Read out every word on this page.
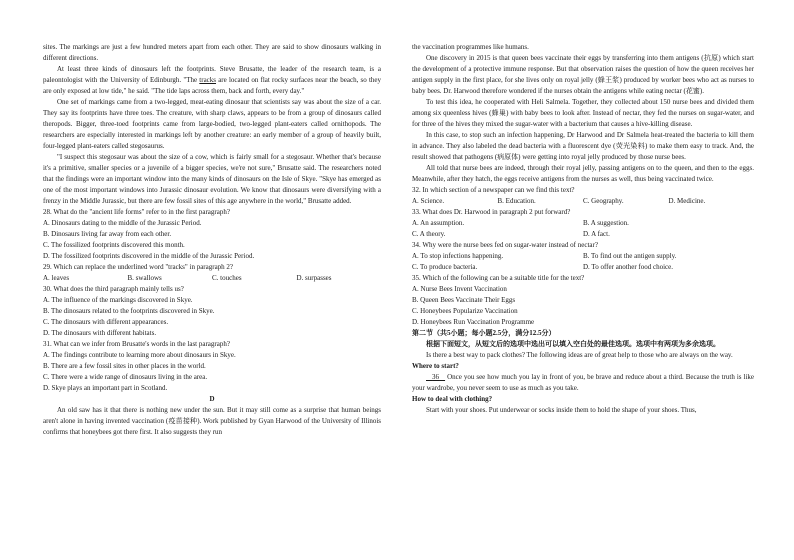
sites. The markings are just a few hundred meters apart from each other. They are said to show dinosaurs walking in different directions.

At least three kinds of dinosaurs left the footprints. Steve Brusatte, the leader of the research team, is a paleontologist with the University of Edinburgh. "The tracks are located on flat rocky surfaces near the beach, so they are only exposed at low tide," he said. "The tide laps across them, back and forth, every day."

One set of markings came from a two-legged, meat-eating dinosaur that scientists say was about the size of a car. They say its footprints have three toes. The creature, with sharp claws, appears to be from a group of dinosaurs called theropods. Bigger, three-toed footprints came from large-bodied, two-legged plant-eaters called ornithopods. The researchers are especially interested in markings left by another creature: an early member of a group of heavily built, four-legged plant-eaters called stegosaurus.

"I suspect this stegosaur was about the size of a cow, which is fairly small for a stegosaur. Whether that's because it's a primitive, smaller species or a juvenile of a bigger species, we're not sure," Brusatte said. The researchers noted that the findings were an important window into the many kinds of dinosaurs on the Isle of Skye. "Skye has emerged as one of the most important windows into Jurassic dinosaur evolution. We know that dinosaurs were diversifying with a frenzy in the Middle Jurassic, but there are few fossil sites of this age anywhere in the world," Brusatte added.

28. What do the "ancient life forms" refer to in the first paragraph?

A. Dinosaurs dating to the middle of the Jurassic Period.

B. Dinosaurs living far away from each other.

C. The fossilized footprints discovered this month.

D. The fossilized footprints discovered in the middle of the Jurassic Period.

29. Which can replace the underlined word "tracks" in paragraph 2?

A. leaves	B. swallows	C. touches	D. surpasses

30. What does the third paragraph mainly tells us?

A. The influence of the markings discovered in Skye.

B. The dinosaurs related to the footprints discovered in Skye.

C. The dinosaurs with different appearances.

D. The dinosaurs with different habitats.

31. What can we infer from Brusatte's words in the last paragraph?

A. The findings contribute to learning more about dinosaurs in Skye.

B. There are a few fossil sites in other places in the world.

C. There were a wide range of dinosaurs living in the area.

D. Skye plays an important part in Scotland.

D

An old saw has it that there is nothing new under the sun. But it may still come as a surprise that human beings aren't alone in having invented vaccination (疫苗接种). Work published by Gyan Harwood of the University of Illinois confirms that honeybees got there first. It also suggests they run

the vaccination programmes like humans.

One discovery in 2015 is that queen bees vaccinate their eggs by transferring into them antigens (抗原) which start the development of a protective immune response. But that observation raises the question of how the queen receives her antigen supply in the first place, for she lives only on royal jelly (蜂王浆) produced by worker bees who act as nurses to baby bees. Dr. Harwood therefore wondered if the nurses obtain the antigens while eating nectar (花蜜).

To test this idea, he cooperated with Heli Salmela. Together, they collected about 150 nurse bees and divided them among six queenless hives (蜂巢) with baby bees to look after. Instead of nectar, they fed the nurses on sugar-water, and for three of the hives they mixed the sugar-water with a bacterium that causes a hive-killing disease.

In this case, to stop such an infection happening, Dr Harwood and Dr Salmela heat-treated the bacteria to kill them in advance. They also labeled the dead bacteria with a fluorescent dye (荧光染料) to make them easy to track. And, the result showed that pathogens (病原体) were getting into royal jelly produced by those nurse bees.

All told that nurse bees are indeed, through their royal jelly, passing antigens on to the queen, and then to the eggs. Meanwhile, after they hatch, the eggs receive antigens from the nurses as well, thus being vaccinated twice.

32. In which section of a newspaper can we find this text?

A. Science.	B. Education.	C. Geography.	D. Medicine.

33. What does Dr. Harwood in paragraph 2 put forward?

A. An assumption.	B. A suggestion.
C. A theory.	D. A fact.

34. Why were the nurse bees fed on sugar-water instead of nectar?

A. To stop infections happening.	B. To find out the antigen supply.
C. To produce bacteria.	D. To offer another food choice.

35. Which of the following can be a suitable title for the text?

A. Nurse Bees Invent Vaccination

B. Queen Bees Vaccinate Their Eggs

C. Honeybees Popularize Vaccination

D. Honeybees Run Vaccination Programme

第二节（共5小题；每小题2.5分，满分12.5分）

根据下面短文，从短文后的选项中选出可以填入空白处的最佳选项。选项中有两项为多余选项。

Is there a best way to pack clothes? The following ideas are of great help to those who are always on the way.

Where to start?

36    Once you see how much you lay in front of you, be brave and reduce about a third. Because the truth is like your wardrobe, you never seem to use as much as you take.

How to deal with clothing?

Start with your shoes. Put underwear or socks inside them to hold the shape of your shoes. Thus,
